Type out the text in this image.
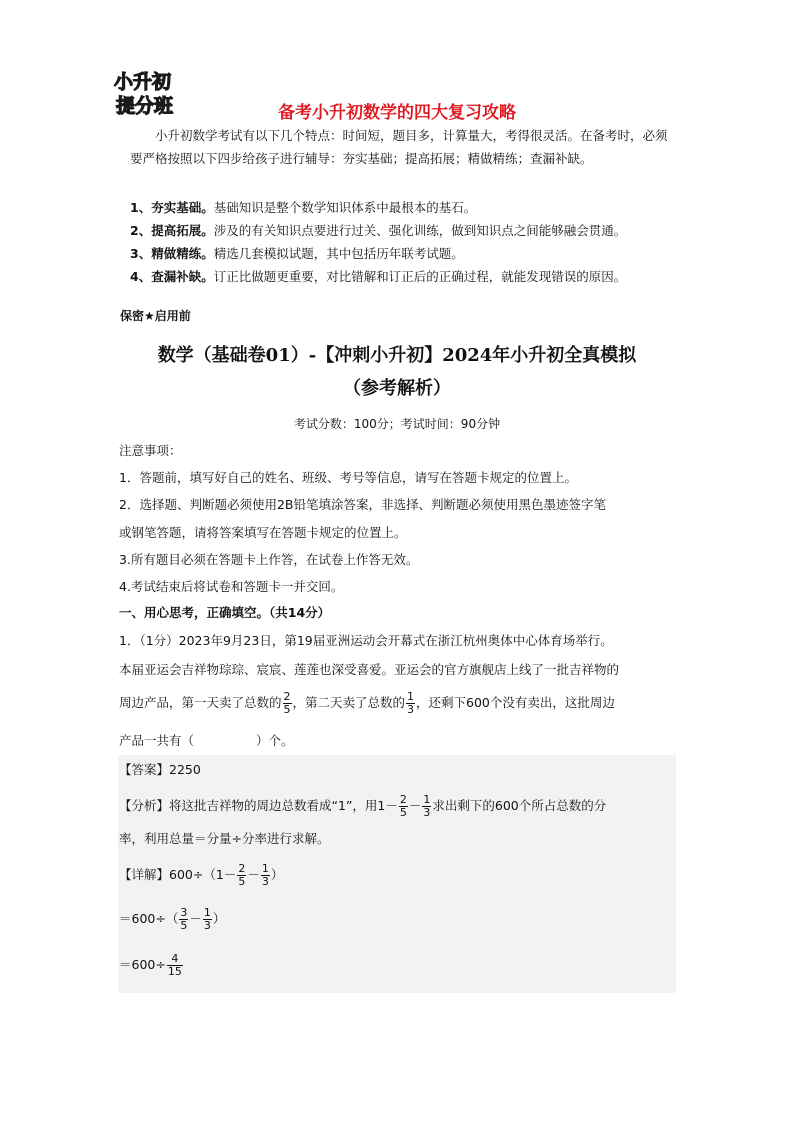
小升初
提分班	备考小升初数学的四大复习攻略
小升初数学考试有以下几个特点：时间短，题目多，计算量大，考得很灵活。在备考时，必须要严格按照以下四步给孩子进行辅导：夯实基础；提高拓展；精做精练；查漏补缺。
1、夯实基础。基础知识是整个数学知识体系中最根本的基石。
2、提高拓展。涉及的有关知识点要进行过关、强化训练，做到知识点之间能够融会贯通。
3、精做精练。精选几套模拟试题，其中包括历年联考试题。
4、查漏补缺。订正比做题更重要，对比错解和订正后的正确过程，就能发现错误的原因。
保密★启用前
数学（基础卷01）-【冲刺小升初】2024年小升初全真模拟
（参考解析）
考试分数：100分；考试时间：90分钟
注意事项：
1．答题前，填写好自己的姓名、班级、考号等信息，请写在答题卡规定的位置上。
2．选择题、判断题必须使用2B铅笔填涂答案，非选择、判断题必须使用黑色墨迹签字笔
或钢笔答题，请将答案填写在答题卡规定的位置上。
3.所有题目必须在答题卡上作答，在试卷上作答无效。
4.考试结束后将试卷和答题卡一并交回。
一、用心思考，正确填空。（共14分）
1．（1分）2023年9月23日，第19届亚洲运动会开幕式在浙江杭州奥体中心体育场举行。
本届亚运会吉祥物琮琮、宸宸、莲莲也深受喜爱。亚运会的官方旗舰店上线了一批吉祥物的
周边产品，第一天卖了总数的 $\frac{2}{5}$ ，第二天卖了总数的 $\frac{1}{3}$ ，还剩下600个没有卖出，这批周边
产品一共有（	）个。
【答案】2250
【分析】将这批吉祥物的周边总数看成“1”，用$1- \frac{2}{5} - \frac{1}{3}$ 求出剩下的600个所占总数的分
率，利用总量＝分量÷分率进行求解。
【详解】$600\div(1- \frac{2}{5} - \frac{1}{3}$ ）
$=600\div( \frac{3}{5} - \frac{1}{3}$ ）
$=600\div \frac{4}{15}$
